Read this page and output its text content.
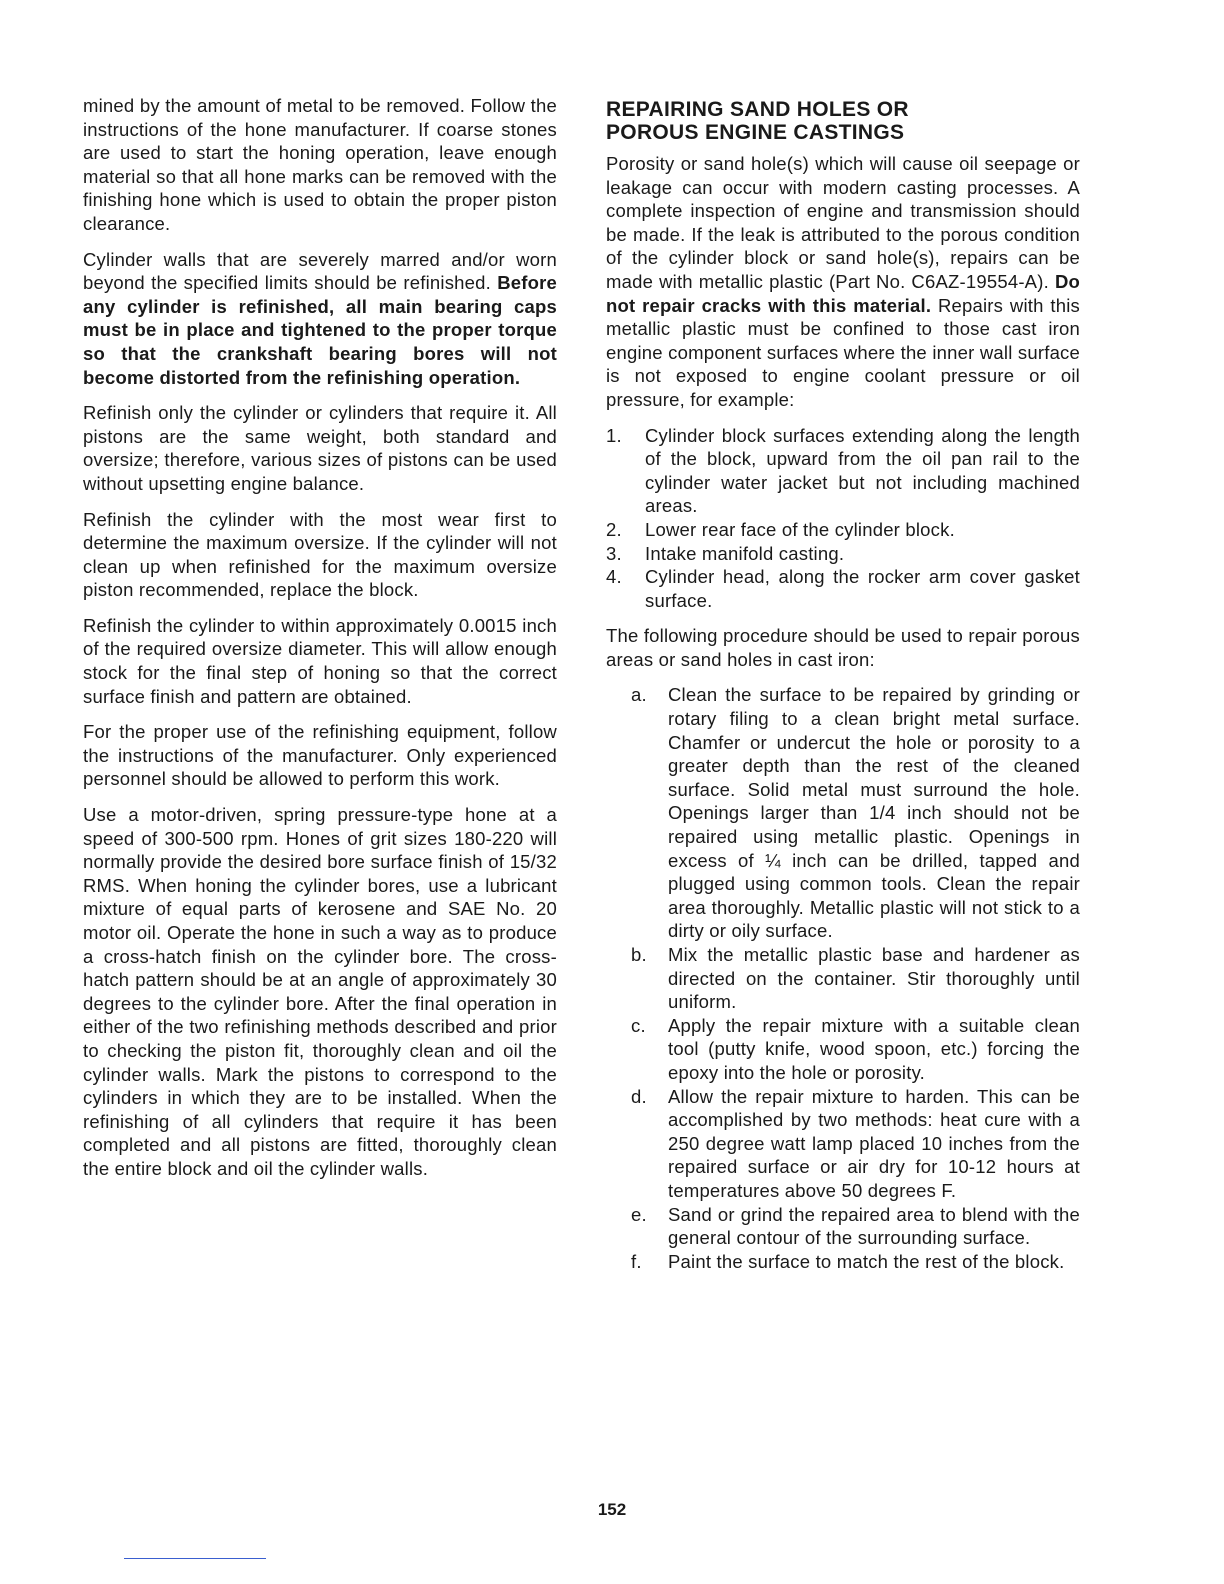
mined by the amount of metal to be removed. Follow the instructions of the hone manufacturer. If coarse stones are used to start the honing operation, leave enough material so that all hone marks can be removed with the finishing hone which is used to obtain the proper piston clearance.

Cylinder walls that are severely marred and/or worn beyond the specified limits should be refinished. Before any cylinder is refinished, all main bearing caps must be in place and tightened to the proper torque so that the crankshaft bearing bores will not become distorted from the refinishing operation.

Refinish only the cylinder or cylinders that require it. All pistons are the same weight, both standard and oversize; therefore, various sizes of pistons can be used without upsetting engine balance.

Refinish the cylinder with the most wear first to determine the maximum oversize. If the cylinder will not clean up when refinished for the maximum oversize piston recommended, replace the block.

Refinish the cylinder to within approximately 0.0015 inch of the required oversize diameter. This will allow enough stock for the final step of honing so that the correct surface finish and pattern are obtained.

For the proper use of the refinishing equipment, follow the instructions of the manufacturer. Only experienced personnel should be allowed to perform this work.

Use a motor-driven, spring pressure-type hone at a speed of 300-500 rpm. Hones of grit sizes 180-220 will normally provide the desired bore surface finish of 15/32 RMS. When honing the cylinder bores, use a lubricant mixture of equal parts of kerosene and SAE No. 20 motor oil. Operate the hone in such a way as to produce a cross-hatch finish on the cylinder bore. The cross-hatch pattern should be at an angle of approximately 30 degrees to the cylinder bore. After the final operation in either of the two refinishing methods described and prior to checking the piston fit, thoroughly clean and oil the cylinder walls. Mark the pistons to correspond to the cylinders in which they are to be installed. When the refinishing of all cylinders that require it has been completed and all pistons are fitted, thoroughly clean the entire block and oil the cylinder walls.

REPAIRING SAND HOLES OR
POROUS ENGINE CASTINGS

Porosity or sand hole(s) which will cause oil seepage or leakage can occur with modern casting processes. A complete inspection of engine and transmission should be made. If the leak is attributed to the porous condition of the cylinder block or sand hole(s), repairs can be made with metallic plastic (Part No. C6AZ-19554-A). Do not repair cracks with this material. Repairs with this metallic plastic must be confined to those cast iron engine component surfaces where the inner wall surface is not exposed to engine coolant pressure or oil pressure, for example:

1. Cylinder block surfaces extending along the length of the block, upward from the oil pan rail to the cylinder water jacket but not including machined areas.
2. Lower rear face of the cylinder block.
3. Intake manifold casting.
4. Cylinder head, along the rocker arm cover gasket surface.

The following procedure should be used to repair porous areas or sand holes in cast iron:

a. Clean the surface to be repaired by grinding or rotary filing to a clean bright metal surface. Chamfer or undercut the hole or porosity to a greater depth than the rest of the cleaned surface. Solid metal must surround the hole. Openings larger than 1/4 inch should not be repaired using metallic plastic. Openings in excess of ¼ inch can be drilled, tapped and plugged using common tools. Clean the repair area thoroughly. Metallic plastic will not stick to a dirty or oily surface.
b. Mix the metallic plastic base and hardener as directed on the container. Stir thoroughly until uniform.
c. Apply the repair mixture with a suitable clean tool (putty knife, wood spoon, etc.) forcing the epoxy into the hole or porosity.
d. Allow the repair mixture to harden. This can be accomplished by two methods: heat cure with a 250 degree watt lamp placed 10 inches from the repaired surface or air dry for 10-12 hours at temperatures above 50 degrees F.
e. Sand or grind the repaired area to blend with the general contour of the surrounding surface.
f. Paint the surface to match the rest of the block.
152
